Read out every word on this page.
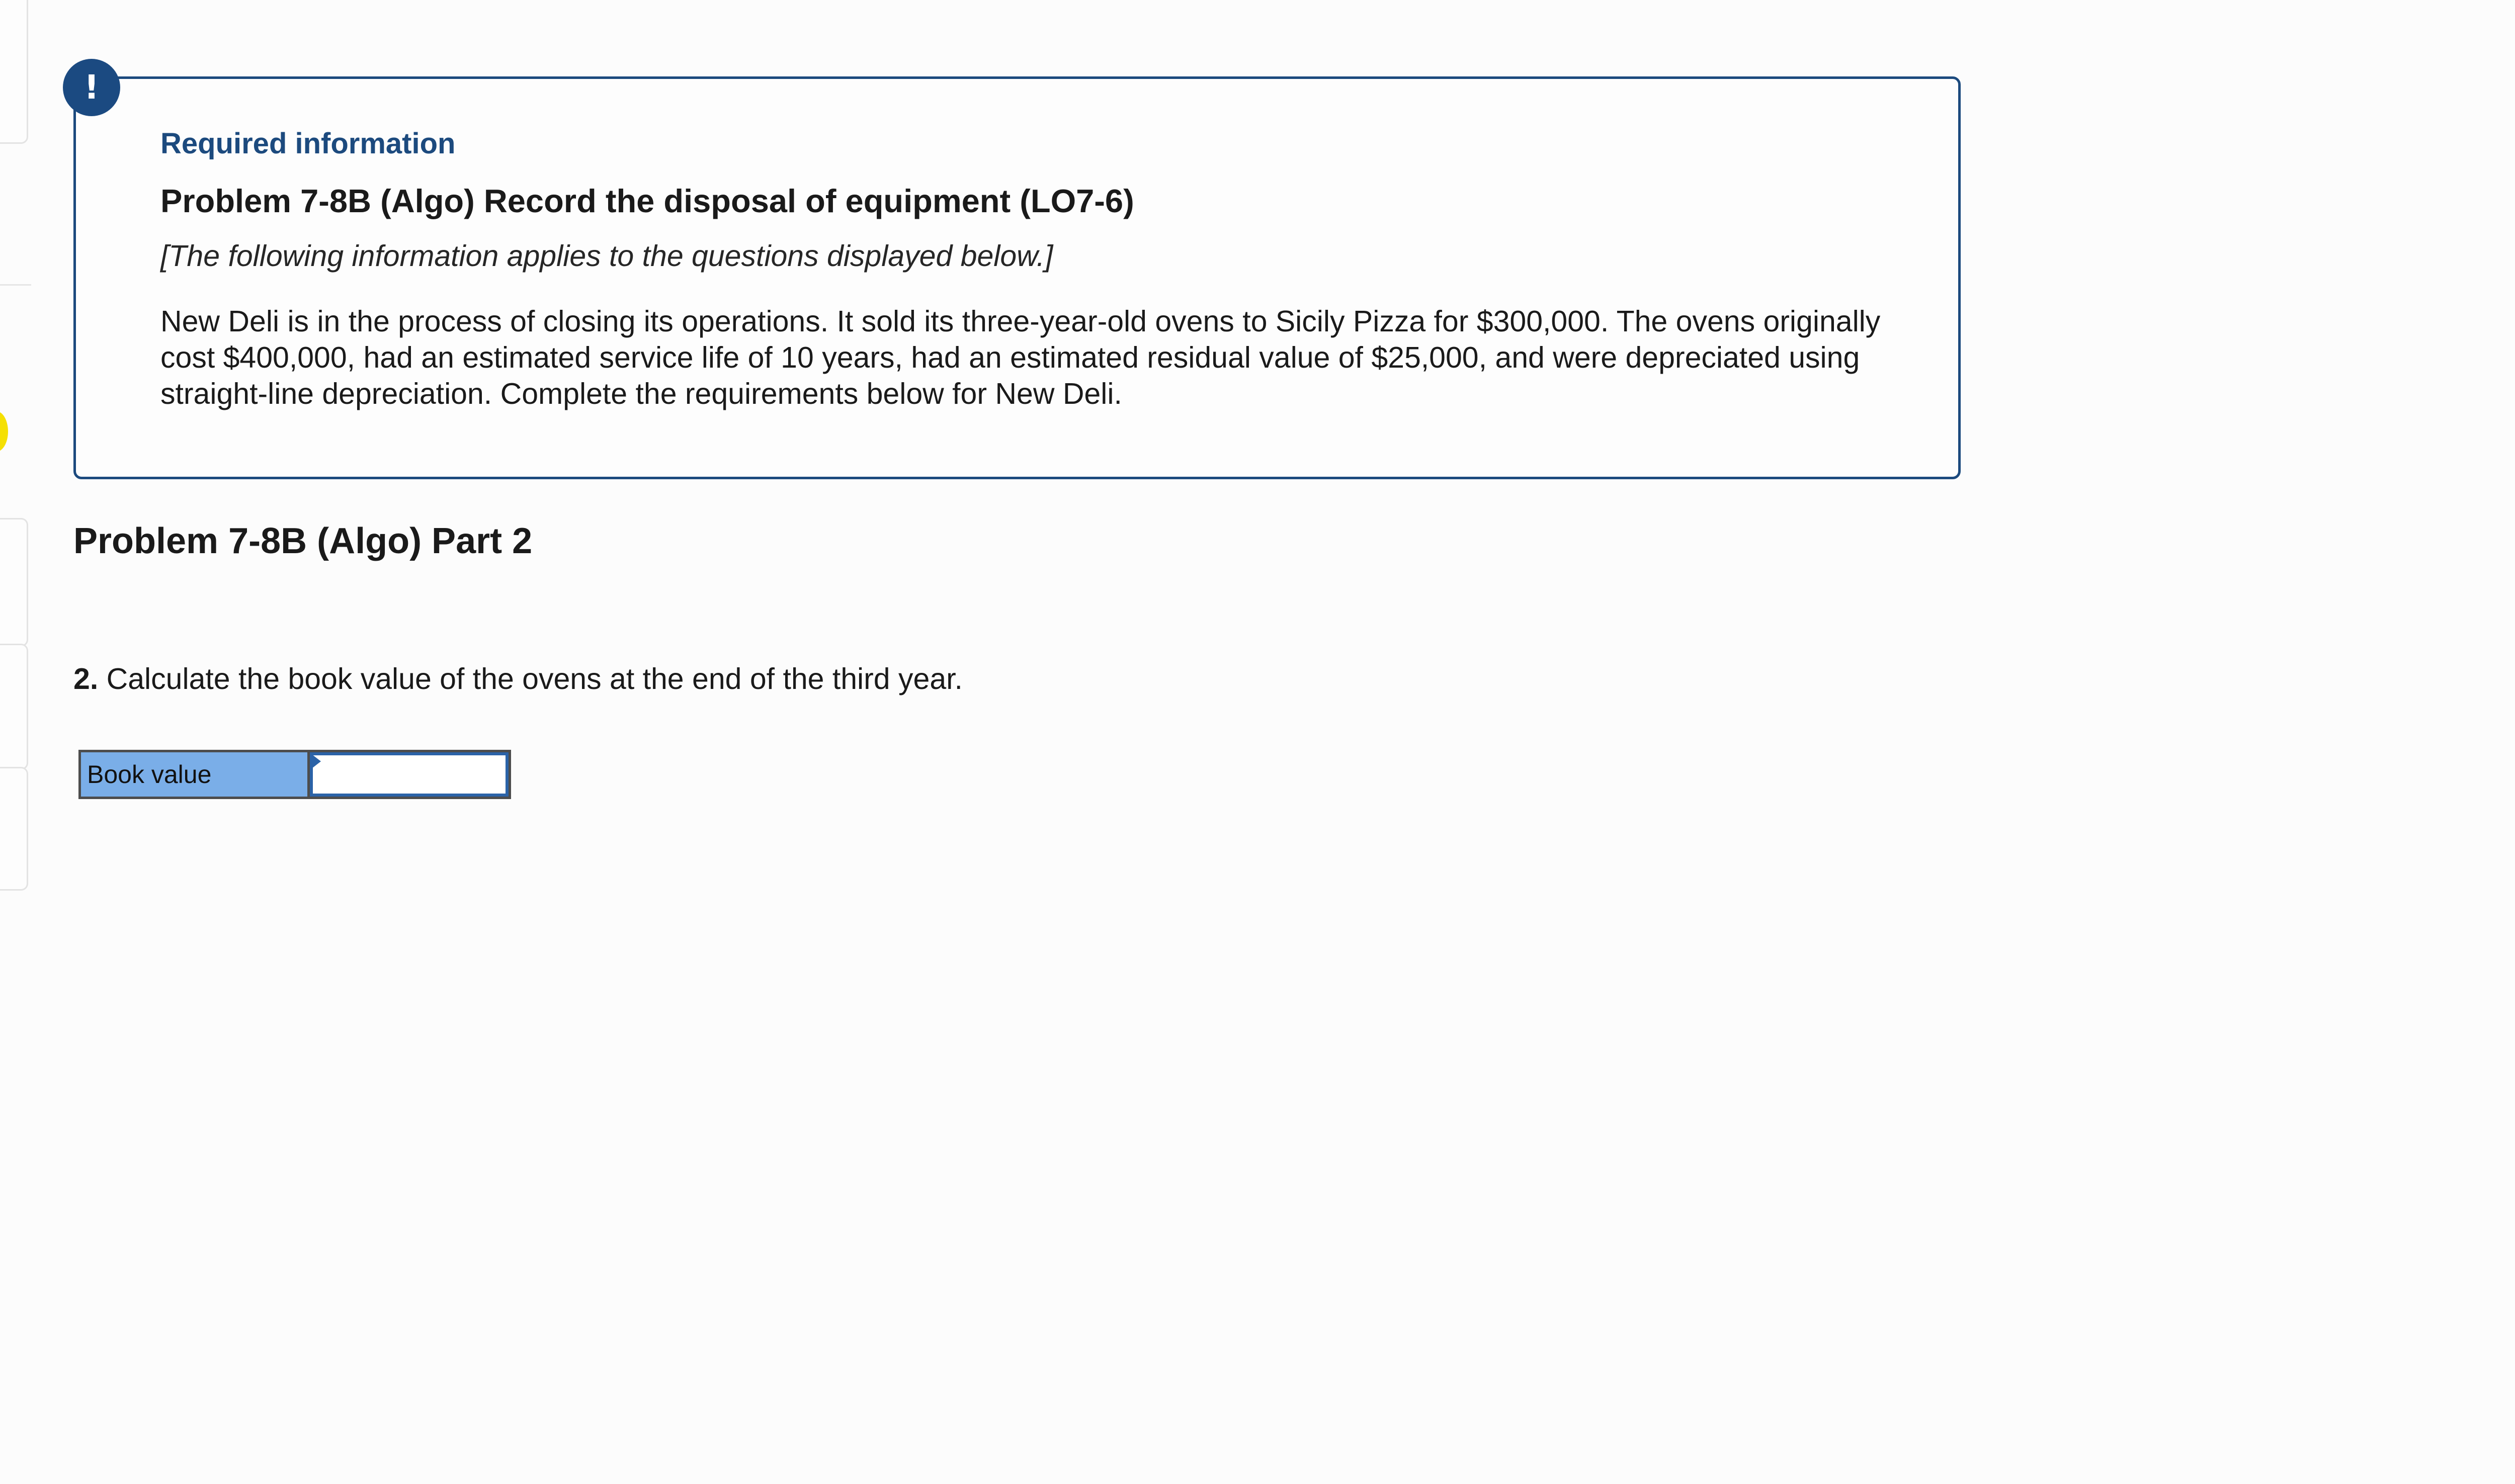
Required information

Problem 7-8B (Algo) Record the disposal of equipment (LO7-6)

[The following information applies to the questions displayed below.]

New Deli is in the process of closing its operations. It sold its three-year-old ovens to Sicily Pizza for $300,000. The ovens originally cost $400,000, had an estimated service life of 10 years, had an estimated residual value of $25,000, and were depreciated using straight-line depreciation. Complete the requirements below for New Deli.

!
Problem 7-8B (Algo) Part 2

2. Calculate the book value of the ovens at the end of the third year.

Book value
